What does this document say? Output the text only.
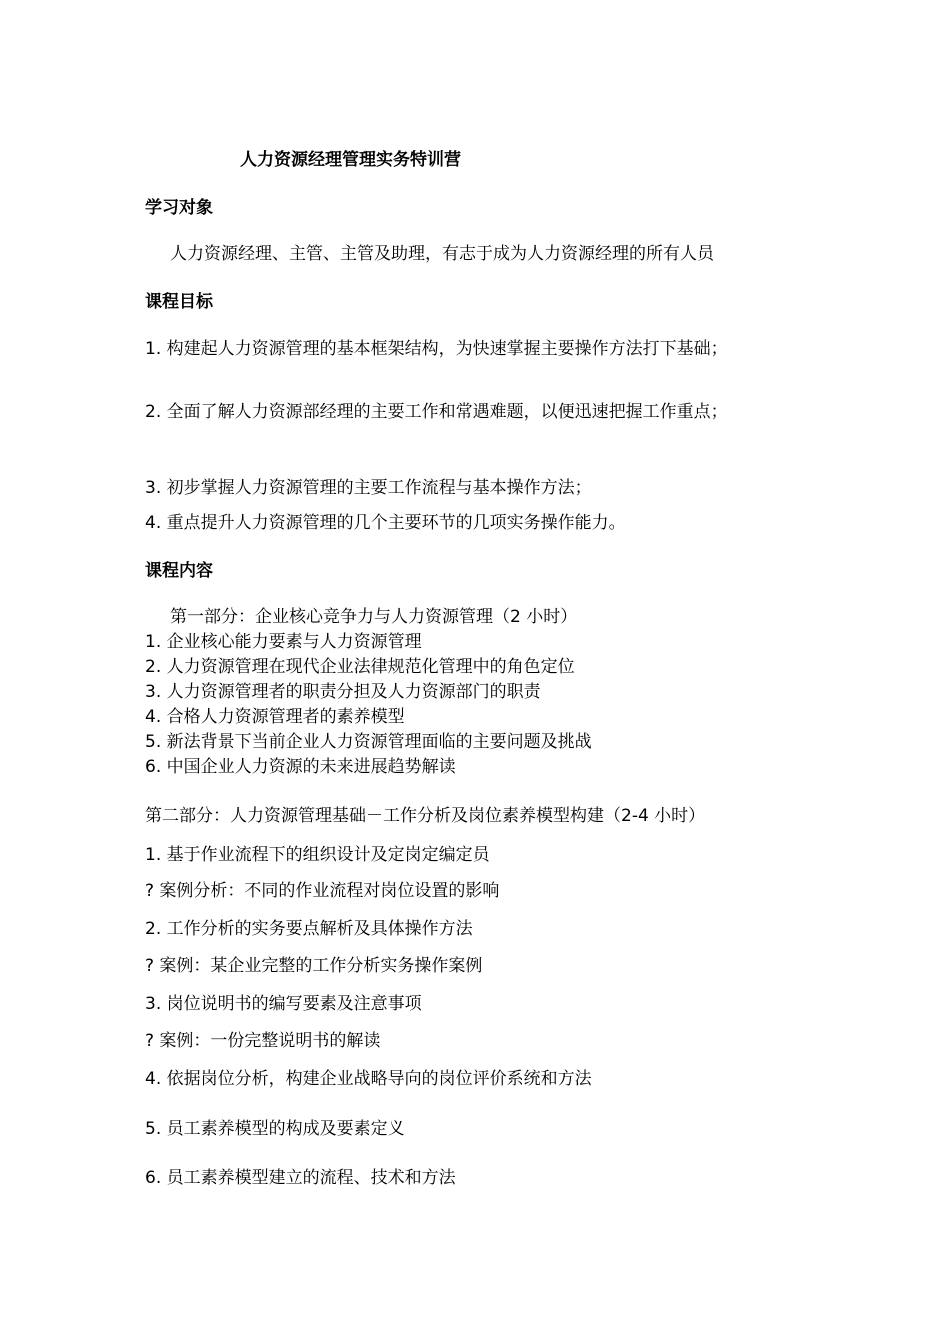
人力资源经理管理实务特训营
学习对象
人力资源经理、主管、主管及助理，有志于成为人力资源经理的所有人员
课程目标
1. 构建起人力资源管理的基本框架结构，为快速掌握主要操作方法打下基础；
2. 全面了解人力资源部经理的主要工作和常遇难题，以便迅速把握工作重点；
3. 初步掌握人力资源管理的主要工作流程与基本操作方法；
4. 重点提升人力资源管理的几个主要环节的几项实务操作能力。
课程内容
第一部分：企业核心竞争力与人力资源管理（2 小时）
1. 企业核心能力要素与人力资源管理
2. 人力资源管理在现代企业法律规范化管理中的角色定位
3. 人力资源管理者的职责分担及人力资源部门的职责
4. 合格人力资源管理者的素养模型
5. 新法背景下当前企业人力资源管理面临的主要问题及挑战
6. 中国企业人力资源的未来进展趋势解读
第二部分：人力资源管理基础－工作分析及岗位素养模型构建（2-4 小时）
1. 基于作业流程下的组织设计及定岗定编定员
? 案例分析：不同的作业流程对岗位设置的影响
2. 工作分析的实务要点解析及具体操作方法
? 案例：某企业完整的工作分析实务操作案例
3. 岗位说明书的编写要素及注意事项
? 案例：一份完整说明书的解读
4. 依据岗位分析，构建企业战略导向的岗位评价系统和方法
5. 员工素养模型的构成及要素定义
6. 员工素养模型建立的流程、技术和方法
